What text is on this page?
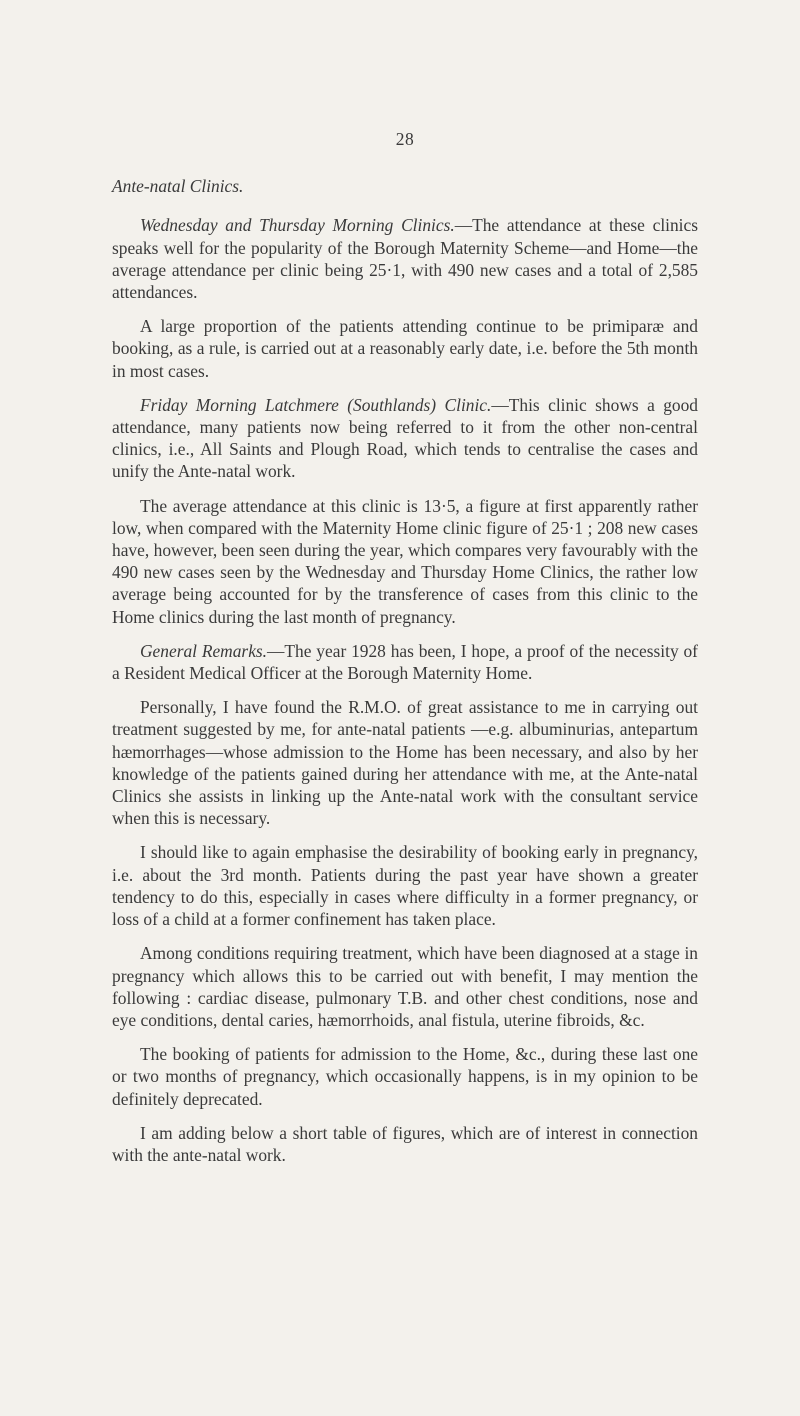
28
Ante-natal Clinics.

Wednesday and Thursday Morning Clinics.—The attendance at these clinics speaks well for the popularity of the Borough Maternity Scheme—and Home—the average attendance per clinic being 25·1, with 490 new cases and a total of 2,585 attendances.

A large proportion of the patients attending continue to be primiparæ and booking, as a rule, is carried out at a reasonably early date, i.e. before the 5th month in most cases.

Friday Morning Latchmere (Southlands) Clinic.—This clinic shows a good attendance, many patients now being referred to it from the other non-central clinics, i.e., All Saints and Plough Road, which tends to centralise the cases and unify the Ante-natal work.

The average attendance at this clinic is 13·5, a figure at first apparently rather low, when compared with the Maternity Home clinic figure of 25·1 ; 208 new cases have, however, been seen during the year, which compares very favourably with the 490 new cases seen by the Wednesday and Thursday Home Clinics, the rather low average being accounted for by the transference of cases from this clinic to the Home clinics during the last month of pregnancy.

General Remarks.—The year 1928 has been, I hope, a proof of the necessity of a Resident Medical Officer at the Borough Maternity Home.

Personally, I have found the R.M.O. of great assistance to me in carrying out treatment suggested by me, for ante-natal patients —e.g. albuminurias, antepartum hæmorrhages—whose admission to the Home has been necessary, and also by her knowledge of the patients gained during her attendance with me, at the Ante-natal Clinics she assists in linking up the Ante-natal work with the consultant service when this is necessary.

I should like to again emphasise the desirability of booking early in pregnancy, i.e. about the 3rd month. Patients during the past year have shown a greater tendency to do this, especially in cases where difficulty in a former pregnancy, or loss of a child at a former confinement has taken place.

Among conditions requiring treatment, which have been diagnosed at a stage in pregnancy which allows this to be carried out with benefit, I may mention the following : cardiac disease, pulmonary T.B. and other chest conditions, nose and eye conditions, dental caries, hæmorrhoids, anal fistula, uterine fibroids, &c.

The booking of patients for admission to the Home, &c., during these last one or two months of pregnancy, which occasionally happens, is in my opinion to be definitely deprecated.

I am adding below a short table of figures, which are of interest in connection with the ante-natal work.
